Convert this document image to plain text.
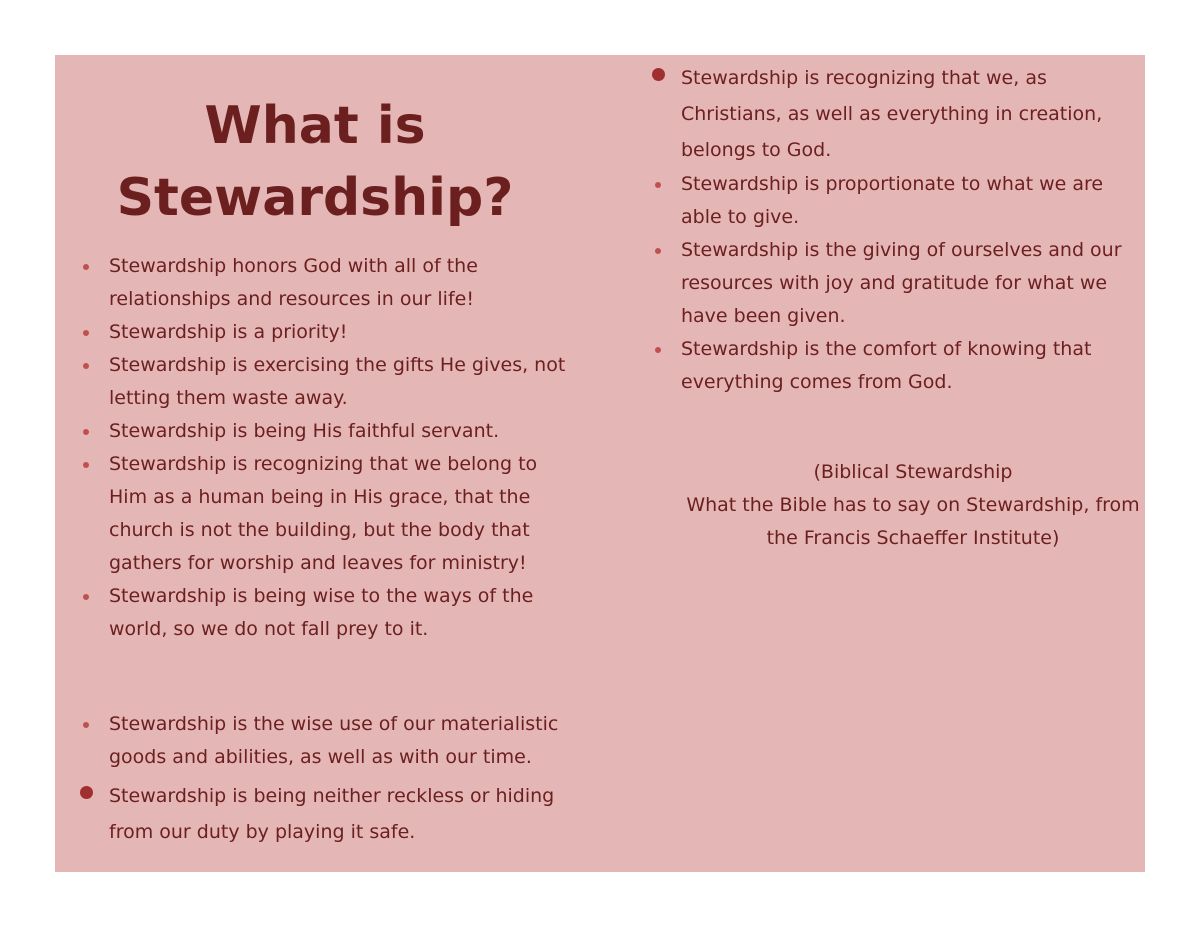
What is Stewardship?
Stewardship honors God with all of the relationships and resources in our life!
Stewardship is a priority!
Stewardship is exercising the gifts He gives, not letting them waste away.
Stewardship is being His faithful servant.
Stewardship is recognizing that we belong to Him as a human being in His grace, that the church is not the building, but the body that gathers for worship and leaves for ministry!
Stewardship is being wise to the ways of the world, so we do not fall prey to it.
Stewardship is the wise use of our materialistic goods and abilities, as well as with our time.
Stewardship is being neither reckless or hiding from our duty by playing it safe.
Stewardship is recognizing that we, as Christians, as well as everything in creation, belongs to God.
Stewardship is proportionate to what we are able to give.
Stewardship is the giving of ourselves and our resources with joy and gratitude for what we have been given.
Stewardship is the comfort of knowing that everything comes from God.
(Biblical Stewardship
What the Bible has to say on Stewardship, from the Francis Schaeffer Institute)
